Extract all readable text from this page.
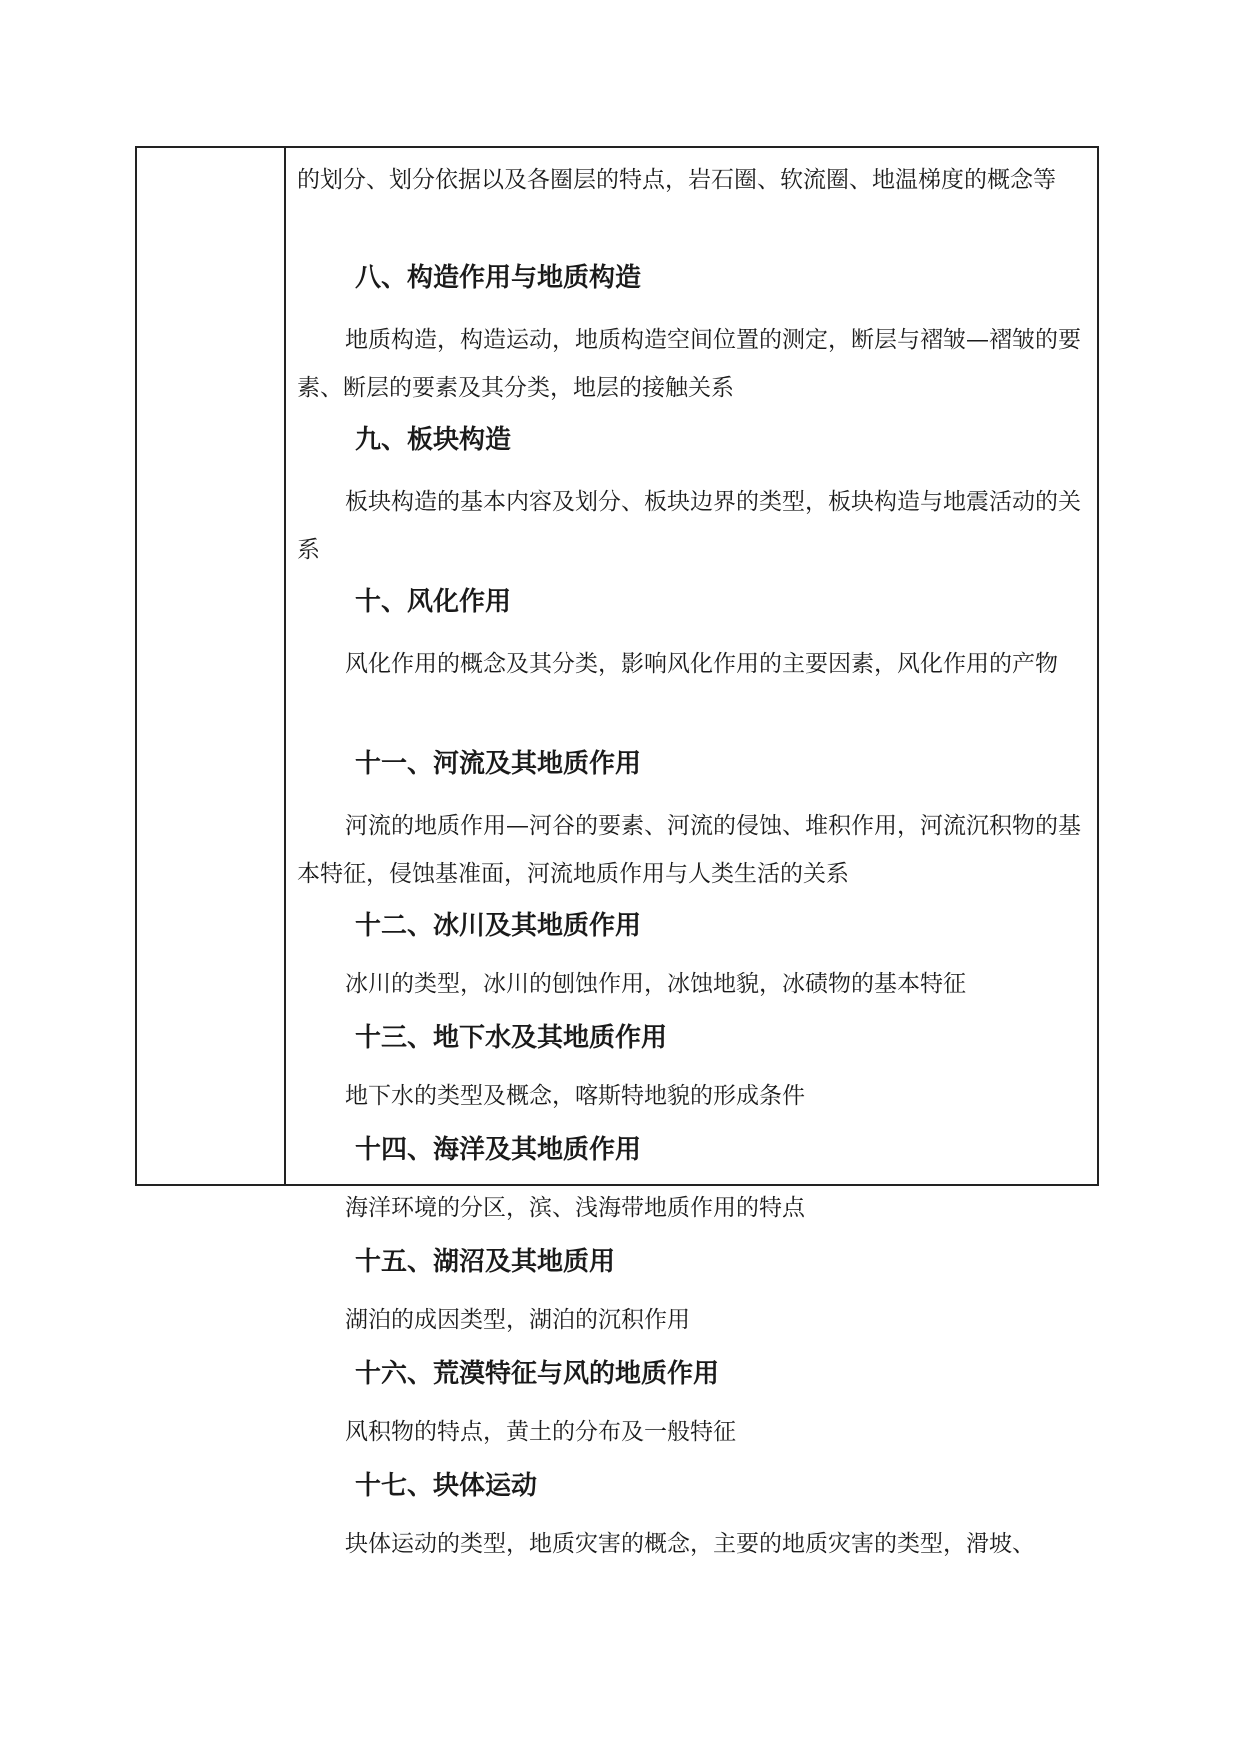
的划分、划分依据以及各圈层的特点，岩石圈、软流圈、地温梯度的概念等
八、构造作用与地质构造
地质构造，构造运动，地质构造空间位置的测定，断层与褶皱—褶皱的要素、断层的要素及其分类，地层的接触关系
九、板块构造
板块构造的基本内容及划分、板块边界的类型，板块构造与地震活动的关系
十、风化作用
风化作用的概念及其分类，影响风化作用的主要因素，风化作用的产物
十一、河流及其地质作用
河流的地质作用—河谷的要素、河流的侵蚀、堆积作用，河流沉积物的基本特征，侵蚀基准面，河流地质作用与人类生活的关系
十二、冰川及其地质作用
冰川的类型，冰川的刨蚀作用，冰蚀地貌，冰碛物的基本特征
十三、地下水及其地质作用
地下水的类型及概念，喀斯特地貌的形成条件
十四、海洋及其地质作用
海洋环境的分区，滨、浅海带地质作用的特点
十五、湖沼及其地质用
湖泊的成因类型，湖泊的沉积作用
十六、荒漠特征与风的地质作用
风积物的特点，黄土的分布及一般特征
十七、块体运动
块体运动的类型，地质灾害的概念，主要的地质灾害的类型，滑坡、
